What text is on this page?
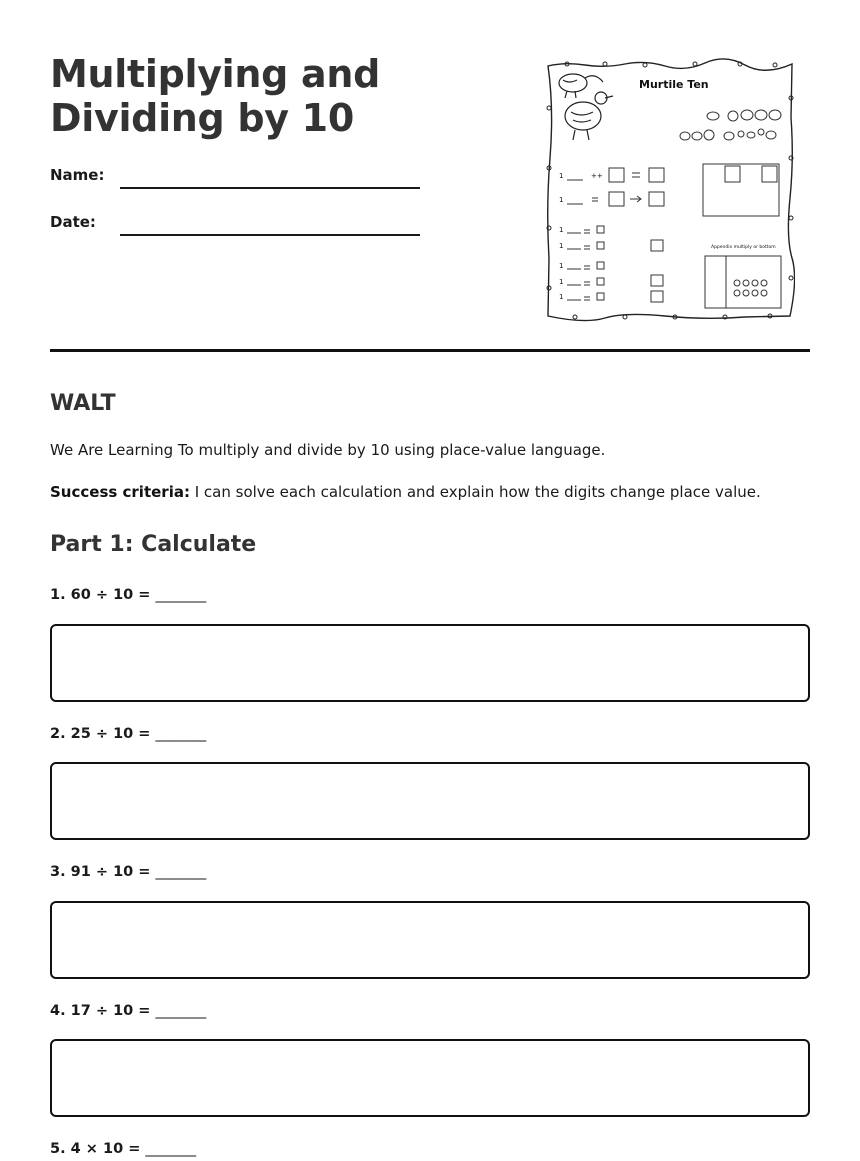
Multiplying and
Dividing by 10
Name:
Date:
Murtile Ten
1	++
1
1
1
1
1
1
Appendix multiply or bottom
WALT

We Are Learning To multiply and divide by 10 using place-value language.

Success criteria: I can solve each calculation and explain how the digits change place value.

Part 1: Calculate
1. 60 ÷ 10 = _______
2. 25 ÷ 10 = _______
3. 91 ÷ 10 = _______
4. 17 ÷ 10 = _______
5. 4 × 10 = _______
